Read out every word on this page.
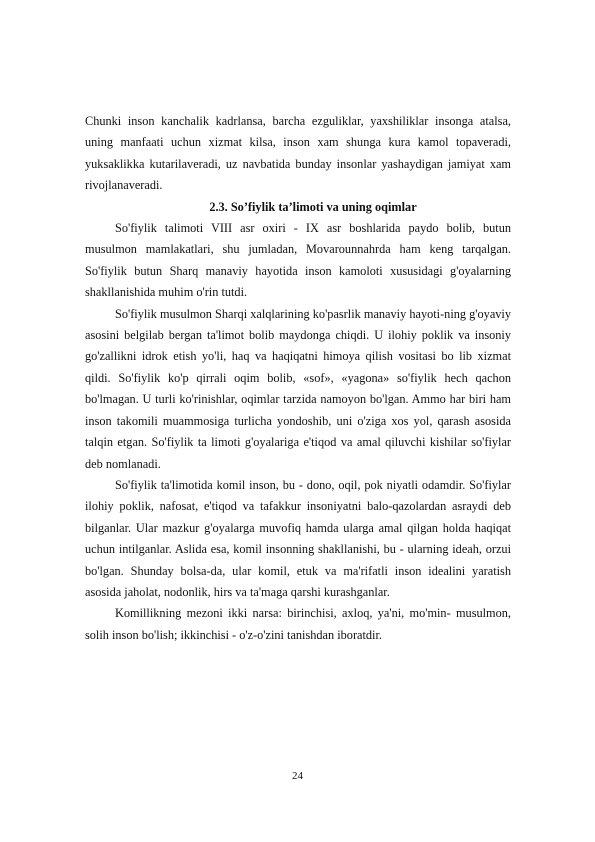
Chunki inson kanchalik kadrlansa, barcha ezguliklar, yaxshiliklar insonga atalsa, uning manfaati uchun xizmat kilsa, inson xam shunga kura kamol topaveradi, yuksaklikka kutarilaveradi, uz navbatida bunday insonlar yashaydigan jamiyat xam rivojlanaveradi.

2.3. So’fiylik ta’limoti va uning oqimlar

So'fiylik talimoti VIII asr oxiri - IX asr boshlarida paydo bolib, butun musulmon mamlakatlari, shu jumladan, Movarounnahrda ham keng tarqalgan. So'fiylik butun Sharq manaviy hayotida inson kamoloti xususidagi g'oyalarning shakllanishida muhim o'rin tutdi.

So'fiylik musulmon Sharqi xalqlarining ko'pasrlik manaviy hayoti-ning g'oyaviy asosini belgilab bergan ta'limot bolib maydonga chiqdi. U ilohiy poklik va insoniy go'zallikni idrok etish yo'li, haq va haqiqatni himoya qilish vositasi bo lib xizmat qildi. So'fiylik ko'p qirrali oqim bolib, «sof», «yagona» so'fiylik hech qachon bo'lmagan. U turli ko'rinishlar, oqimlar tarzida namoyon bo'lgan. Ammo har biri ham inson takomili muammosiga turlicha yondoshib, uni o'ziga xos yol, qarash asosida talqin etgan. So'fiylik ta limoti g'oyalariga e'tiqod va amal qiluvchi kishilar so'fiylar deb nomlanadi.

So'fiylik ta'limotida komil inson, bu - dono, oqil, pok niyatli odamdir. So'fiylar ilohiy poklik, nafosat, e'tiqod va tafakkur insoniyatni balo-qazolardan asraydi deb bilganlar. Ular mazkur g'oyalarga muvofiq hamda ularga amal qilgan holda haqiqat uchun intilganlar. Aslida esa, komil insonning shakllanishi, bu - ularning ideah, orzui bo'lgan. Shunday bolsa-da, ular komil, etuk va ma'rifatli inson idealini yaratish asosida jaholat, nodonlik, hirs va ta'maga qarshi kurashganlar.

Komillikning mezoni ikki narsa: birinchisi, axloq, ya'ni, mo'min- musulmon, solih inson bo'lish; ikkinchisi - o'z-o'zini tanishdan iboratdir.

24
